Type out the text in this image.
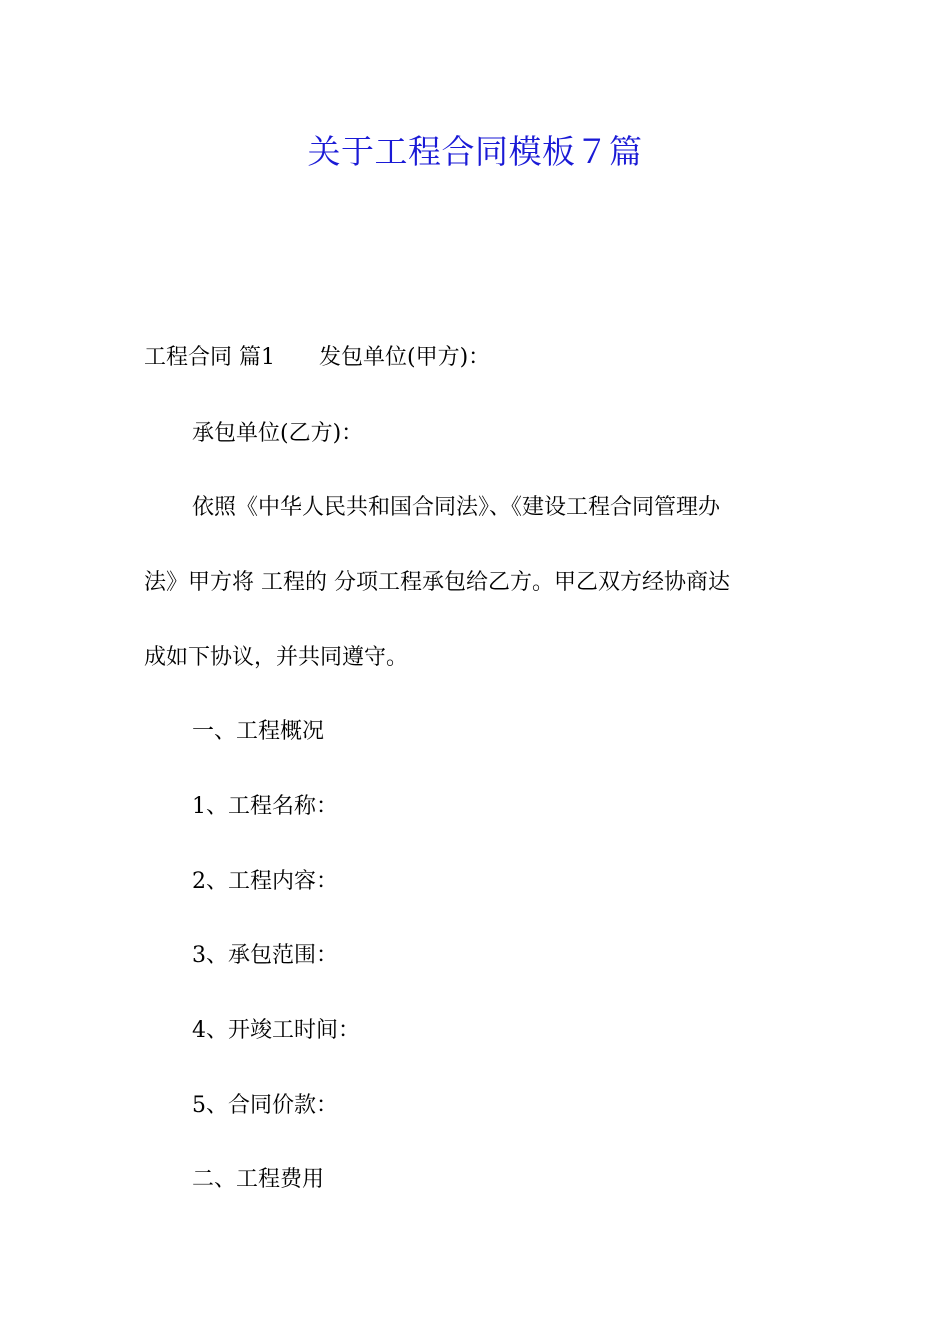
关于工程合同模板７篇
工程合同 篇1 发包单位(甲方)：
承包单位(乙方)：
依照《中华人民共和国合同法》、《建设工程合同管理办
法》甲方将 工程的 分项工程承包给乙方。甲乙双方经协商达
成如下协议，并共同遵守。
一、工程概况
1、工程名称：
2、工程内容：
3、承包范围：
4、开竣工时间：
5、合同价款：
二、工程费用
